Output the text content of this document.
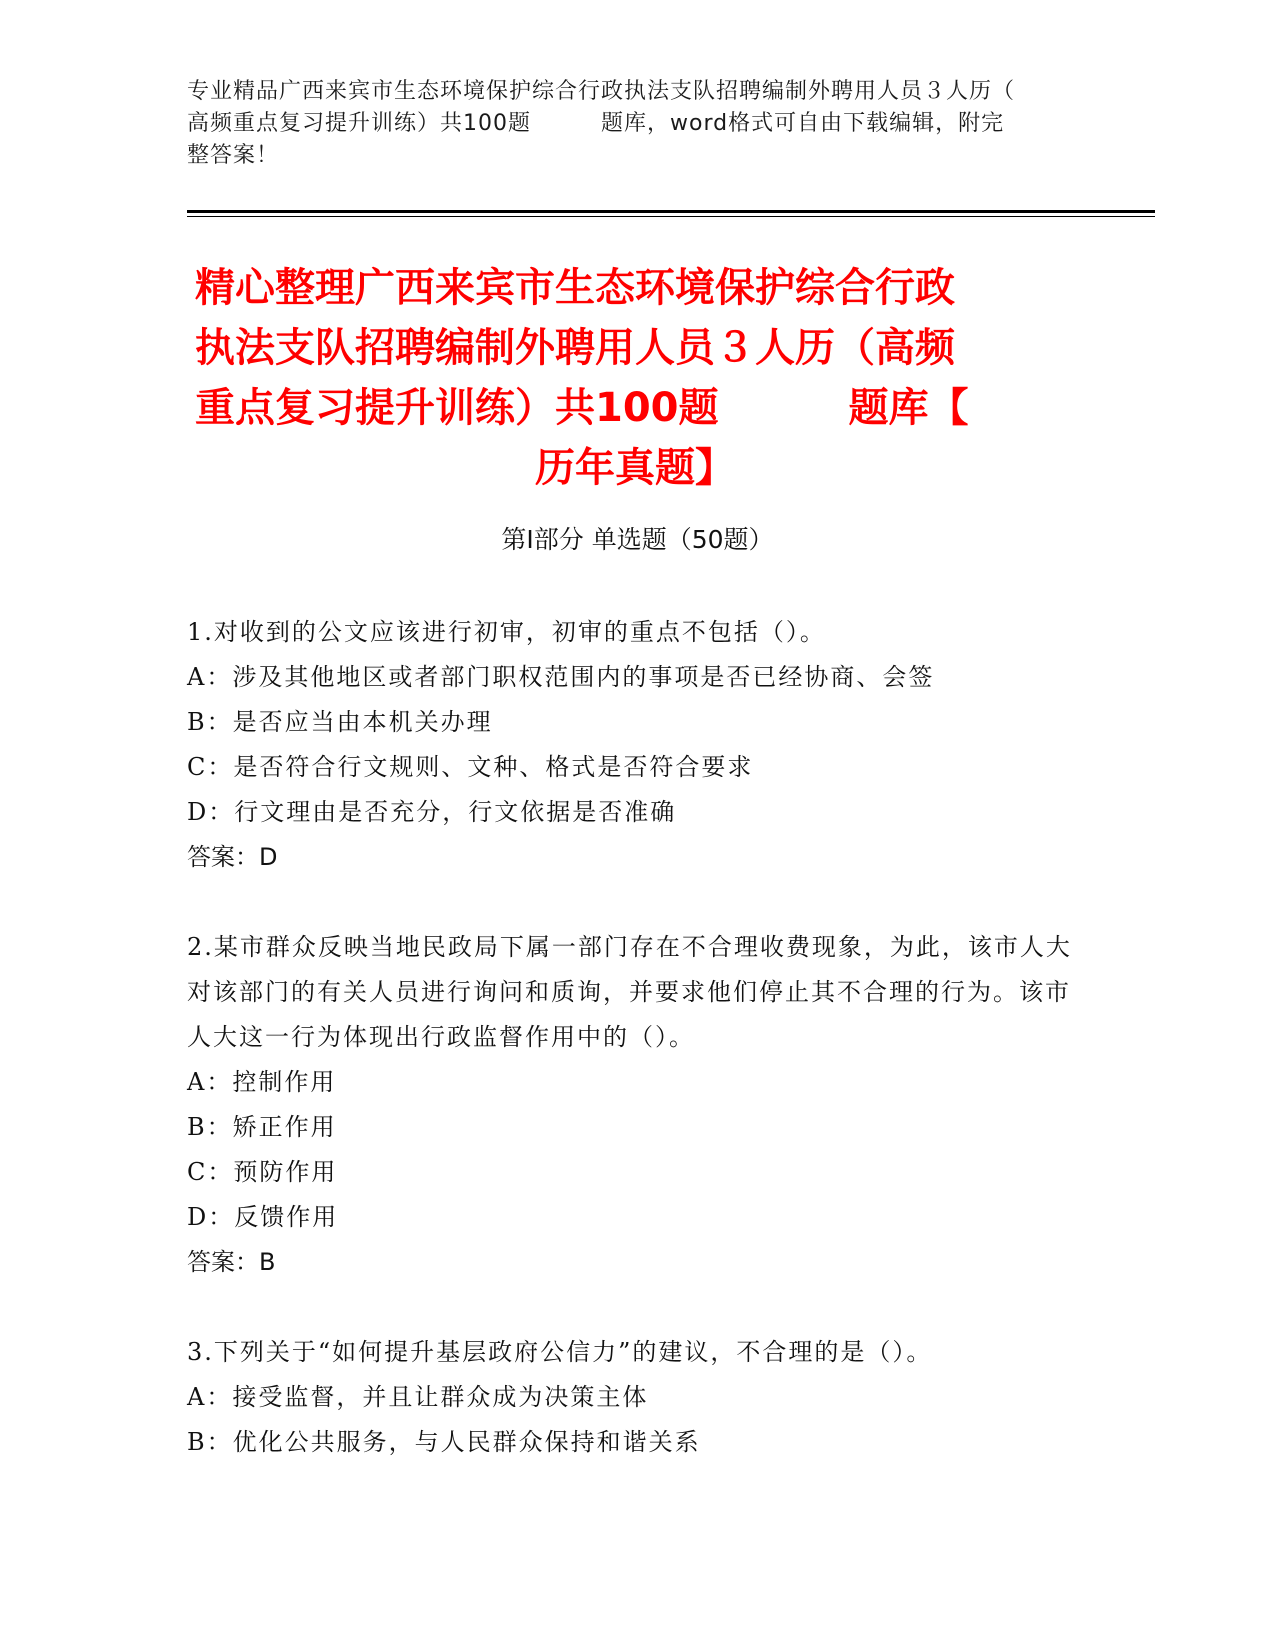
专业精品广西来宾市生态环境保护综合行政执法支队招聘编制外聘用人员３人历（
高频重点复习提升训练）共100题	题库，word格式可自由下载编辑，附完
整答案！
精心整理广西来宾市生态环境保护综合行政
执法支队招聘编制外聘用人员３人历（高频
重点复习提升训练）共100题	题库【
历年真题】
第Ⅰ部分 单选题（50题）

1.对收到的公文应该进行初审，初审的重点不包括（）。

A：涉及其他地区或者部门职权范围内的事项是否已经协商、会签

B：是否应当由本机关办理

C：是否符合行文规则、文种、格式是否符合要求

D：行文理由是否充分，行文依据是否准确

答案：D

2.某市群众反映当地民政局下属一部门存在不合理收费现象，为此，该市人大对该部门的有关人员进行询问和质询，并要求他们停止其不合理的行为。该市人大这一行为体现出行政监督作用中的（）。

A：控制作用

B：矫正作用

C：预防作用

D：反馈作用

答案：B

3.下列关于“如何提升基层政府公信力”的建议，不合理的是（）。

A：接受监督，并且让群众成为决策主体

B：优化公共服务，与人民群众保持和谐关系
